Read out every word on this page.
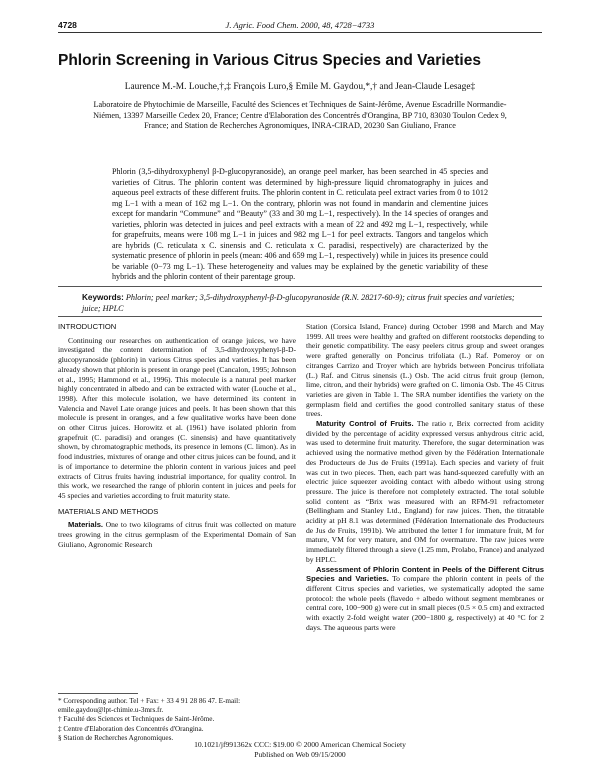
4728	J. Agric. Food Chem. 2000, 48, 4728−4733
Phlorin Screening in Various Citrus Species and Varieties
Laurence M.-M. Louche,†,‡ François Luro,§ Emile M. Gaydou,*,† and Jean-Claude Lesage‡
Laboratoire de Phytochimie de Marseille, Faculté des Sciences et Techniques de Saint-Jérôme, Avenue Escadrille Normandie-Niémen, 13397 Marseille Cedex 20, France; Centre d'Elaboration des Concentrés d'Orangina, BP 710, 83030 Toulon Cedex 9, France; and Station de Recherches Agronomiques, INRA-CIRAD, 20230 San Giuliano, France

Phlorin (3,5-dihydroxyphenyl β-D-glucopyranoside), an orange peel marker, has been searched in 45 species and varieties of Citrus. The phlorin content was determined by high-pressure liquid chromatography in juices and aqueous peel extracts of these different fruits. The phlorin content in C. reticulata peel extract varies from 0 to 1012 mg L−1 with a mean of 162 mg L−1. On the contrary, phlorin was not found in mandarin and clementine juices except for mandarin “Commune” and “Beauty” (33 and 30 mg L−1, respectively). In the 14 species of oranges and varieties, phlorin was detected in juices and peel extracts with a mean of 22 and 492 mg L−1, respectively, while for grapefruits, means were 108 mg L−1 in juices and 982 mg L−1 for peel extracts. Tangors and tangelos which are hybrids (C. reticulata x C. sinensis and C. reticulata x C. paradisi, respectively) are characterized by the systematic presence of phlorin in peels (mean: 406 and 659 mg L−1, respectively) while in juices its presence could be variable (0−73 mg L−1). These heterogeneity and values may be explained by the genetic variability of these hybrids and the phlorin content of their parentage group.

Keywords: Phlorin; peel marker; 3,5-dihydroxyphenyl-β-D-glucopyranoside (R.N. 28217-60-9); citrus fruit species and varieties; juice; HPLC
INTRODUCTION

Continuing our researches on authentication of orange juices, we have investigated the content determination of 3,5-dihydroxyphenyl-β-D-glucopyranoside (phlorin) in various Citrus species and varieties. It has been already shown that phlorin is present in orange peel (Cancalon, 1995; Johnson et al., 1995; Hammond et al., 1996). This molecule is a natural peel marker highly concentrated in albedo and can be extracted with water (Louche et al., 1998). After this molecule isolation, we have determined its content in Valencia and Navel Late orange juices and peels. It has been shown that this molecule is present in oranges, and a few qualitative works have been done on other Citrus juices. Horowitz et al. (1961) have isolated phlorin from grapefruit (C. paradisi) and oranges (C. sinensis) and have quantitatively shown, by chromatographic methods, its presence in lemons (C. limon). As in food industries, mixtures of orange and other citrus juices can be found, and it is of importance to determine the phlorin content in various juices and peel extracts of Citrus fruits having industrial importance, for quality control. In this work, we researched the range of phlorin content in juices and peels for 45 species and varieties according to fruit maturity state.

MATERIALS AND METHODS

Materials. One to two kilograms of citrus fruit was collected on mature trees growing in the citrus germplasm of the Experimental Domain of San Giuliano, Agronomic Research

* Corresponding author. Tel + Fax: + 33 4 91 28 86 47. E-mail: emile.gaydou@lpt-chimie.u-3mrs.fr.
† Faculté des Sciences et Techniques de Saint-Jérôme.
‡ Centre d'Elaboration des Concentrés d'Orangina.
§ Station de Recherches Agronomiques.

Station (Corsica Island, France) during October 1998 and March and May 1999. All trees were healthy and grafted on different rootstocks depending to their genetic compatibility. The easy peelers citrus group and sweet oranges were grafted generally on Poncirus trifoliata (L.) Raf. Pomeroy or on citranges Carrizo and Troyer which are hybrids between Poncirus trifoliata (L.) Raf. and Citrus sinensis (L.) Osb. The acid citrus fruit group (lemon, lime, citron, and their hybrids) were grafted on C. limonia Osb. The 45 Citrus varieties are given in Table 1. The SRA number identifies the variety on the germplasm field and certifies the good controlled sanitary status of these trees.

Maturity Control of Fruits. The ratio r, Brix corrected from acidity divided by the percentage of acidity expressed versus anhydrous citric acid, was used to determine fruit maturity. Therefore, the sugar determination was achieved using the normative method given by the Fédération Internationale des Producteurs de Jus de Fruits (1991a). Each species and variety of fruit was cut in two pieces. Then, each part was hand-squeezed carefully with an electric juice squeezer avoiding contact with albedo without using strong pressure. The juice is therefore not completely extracted. The total soluble solid content as “Brix was measured with an RFM-91 refractometer (Bellingham and Stanley Ltd., England) for raw juices. Then, the titratable acidity at pH 8.1 was determined (Fédération Internationale des Producteurs de Jus de Fruits, 1991b). We attributed the letter I for immature fruit, M for mature, VM for very mature, and OM for overmature. The raw juices were immediately filtered through a sieve (1.25 mm, Prolabo, France) and analyzed by HPLC.

Assessment of Phlorin Content in Peels of the Different Citrus Species and Varieties. To compare the phlorin content in peels of the different Citrus species and varieties, we systematically adopted the same protocol: the whole peels (flavedo + albedo without segment membranes or central core, 100−900 g) were cut in small pieces (0.5 × 0.5 cm) and extracted with exactly 2-fold weight water (200−1800 g, respectively) at 40 °C for 2 days. The aqueous parts were

10.1021/jf991362x CCC: $19.00 © 2000 American Chemical Society
Published on Web 09/15/2000
